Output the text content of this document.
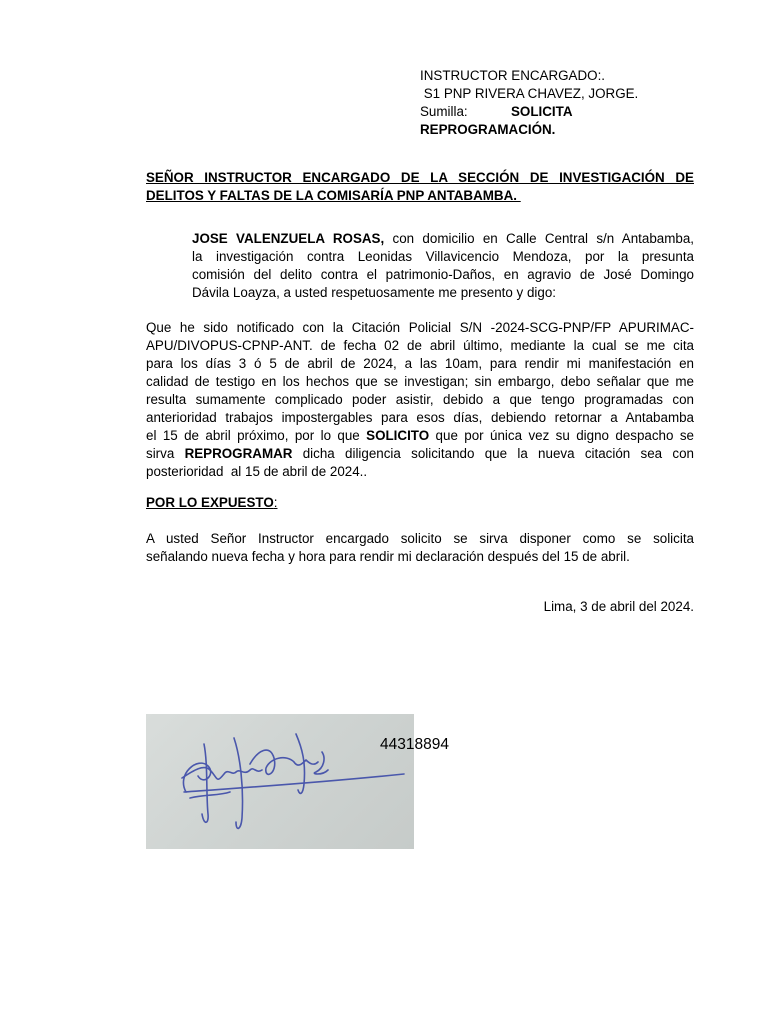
INSTRUCTOR ENCARGADO:.
S1 PNP RIVERA CHAVEZ, JORGE.
Sumilla:	SOLICITA
REPROGRAMACIÓN.
SEÑOR INSTRUCTOR ENCARGADO DE LA SECCIÓN DE INVESTIGACIÓN DE
DELITOS Y FALTAS DE LA COMISARÍA PNP ANTABAMBA.
JOSE VALENZUELA ROSAS, con domicilio en Calle Central s/n Antabamba,
la investigación contra Leonidas Villavicencio Mendoza, por la presunta
comisión del delito contra el patrimonio-Daños, en agravio de José Domingo
Dávila Loayza, a usted respetuosamente me presento y digo:
Que he sido notificado con la Citación Policial S/N -2024-SCG-PNP/FP APURIMAC-
APU/DIVOPUS-CPNP-ANT. de fecha 02 de abril último, mediante la cual se me cita
para los días 3 ó 5 de abril de 2024, a las 10am, para rendir mi manifestación en
calidad de testigo en los hechos que se investigan; sin embargo, debo señalar que me
resulta sumamente complicado poder asistir, debido a que tengo programadas con
anterioridad trabajos impostergables para esos días, debiendo retornar a Antabamba
el 15 de abril próximo, por lo que SOLICITO que por única vez su digno despacho se
sirva REPROGRAMAR dicha diligencia solicitando que la nueva citación sea con
posterioridad  al 15 de abril de 2024..
POR LO EXPUESTO:
A usted Señor Instructor encargado solicito se sirva disponer como se solicita
señalando nueva fecha y hora para rendir mi declaración después del 15 de abril.
Lima, 3 de abril del 2024.
44318894
